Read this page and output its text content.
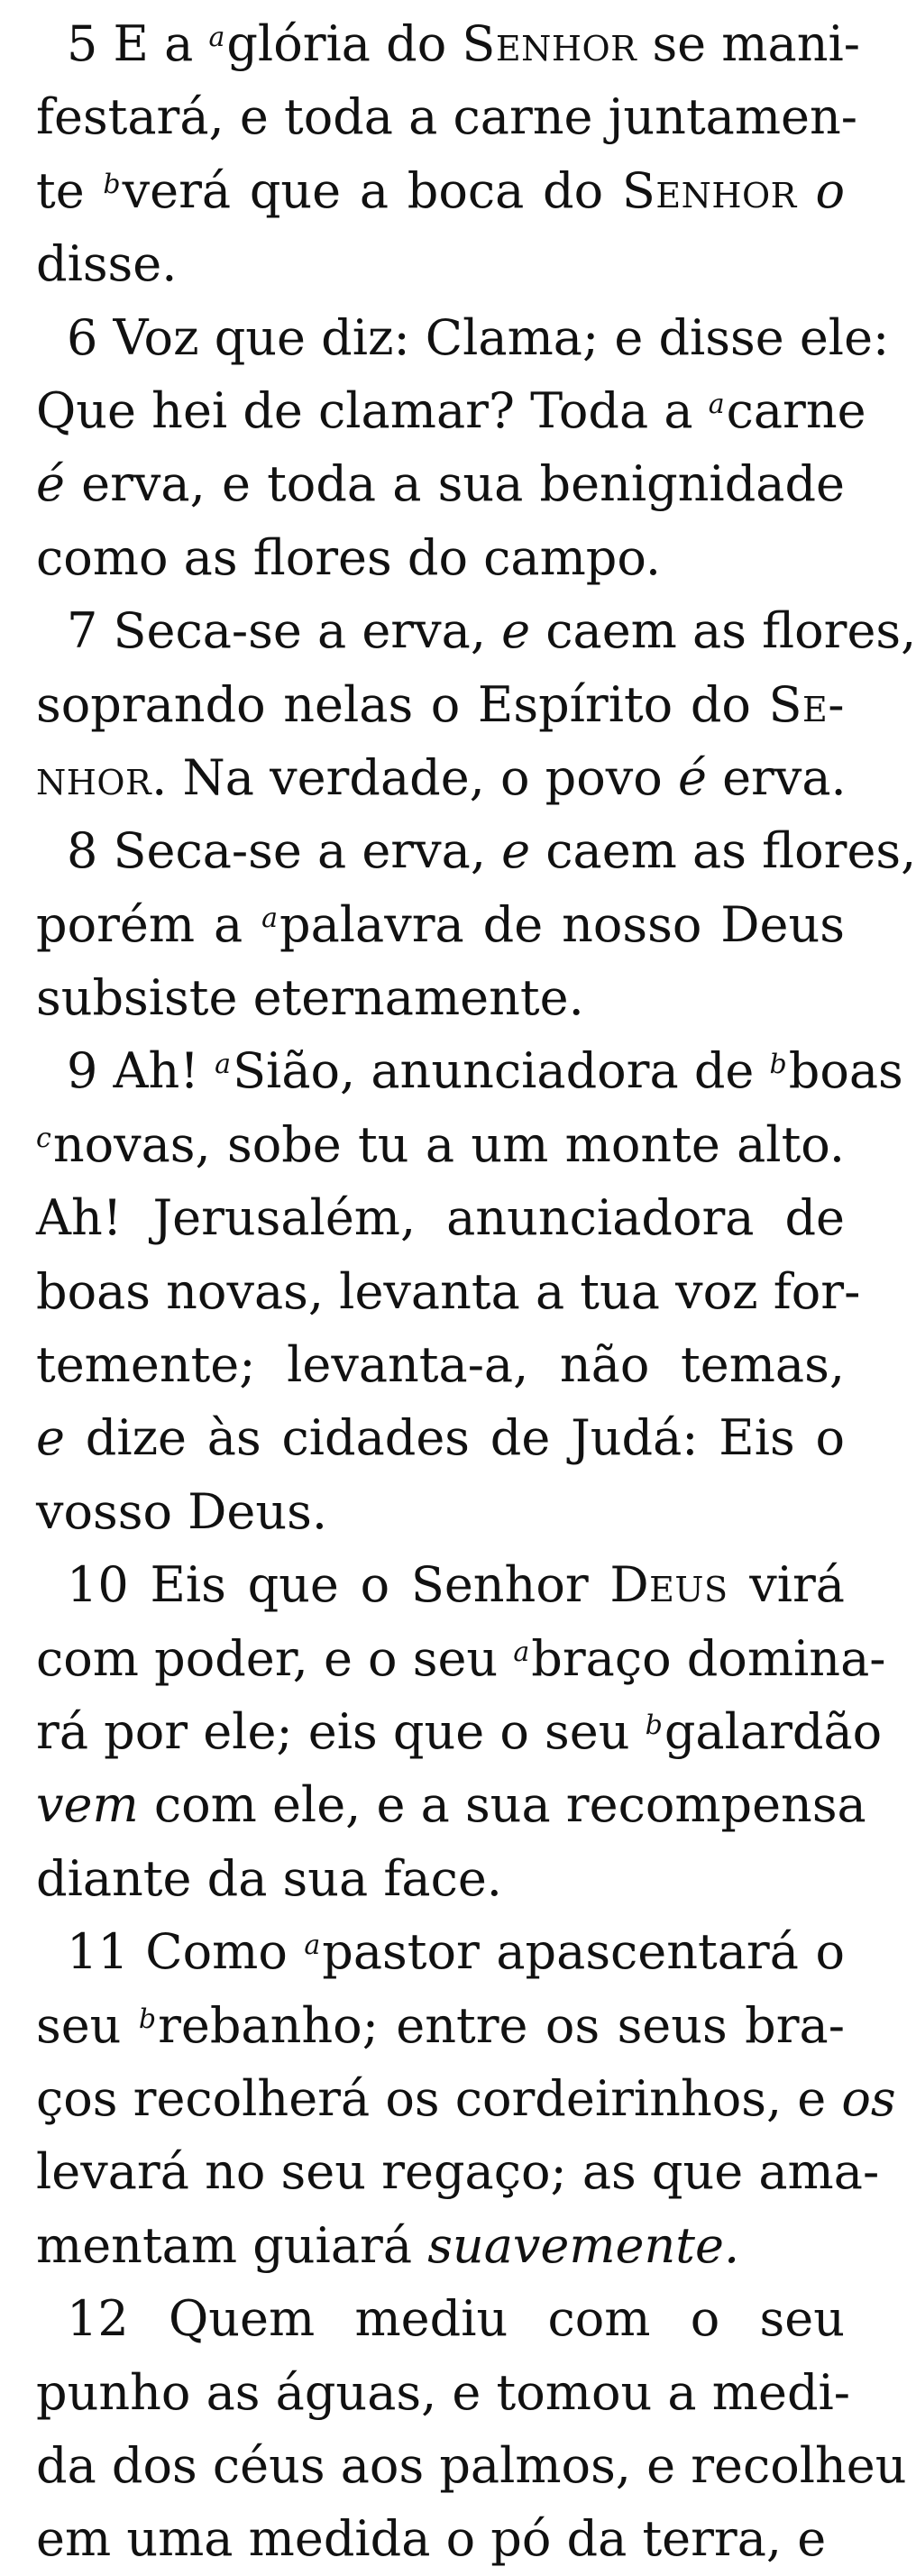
5 E a $^a$glória do Senhor se mani-
festará, e toda a carne juntamen-
te $^b$verá que a boca do Senhor o
disse.
6 Voz que diz: Clama; e disse ele:
Que hei de clamar? Toda a $^a$carne
é erva, e toda a sua benignidade
como as flores do campo.
7 Seca-se a erva, e caem as flores,
soprando nelas o Espírito do Se-
nhor. Na verdade, o povo é erva.
8 Seca-se a erva, e caem as flores,
porém a $^a$palavra de nosso Deus
subsiste eternamente.
9 Ah! $^a$Sião, anunciadora de $^b$boas
$^c$novas, sobe tu a um monte alto.
Ah! Jerusalém, anunciadora de
boas novas, levanta a tua voz for-
temente; levanta-a, não temas,
e dize às cidades de Judá: Eis o
vosso Deus.
10 Eis que o Senhor Deus virá
com poder, e o seu $^a$braço domina-
rá por ele; eis que o seu $^b$galardão
vem com ele, e a sua recompensa
diante da sua face.
11 Como $^a$pastor apascentará o
seu $^b$rebanho; entre os seus bra-
ços recolherá os cordeirinhos, e os
levará no seu regaço; as que ama-
mentam guiará suavemente.
12 Quem mediu com o seu
punho as águas, e tomou a medi-
da dos céus aos palmos, e recolheu
em uma medida o pó da terra, e
